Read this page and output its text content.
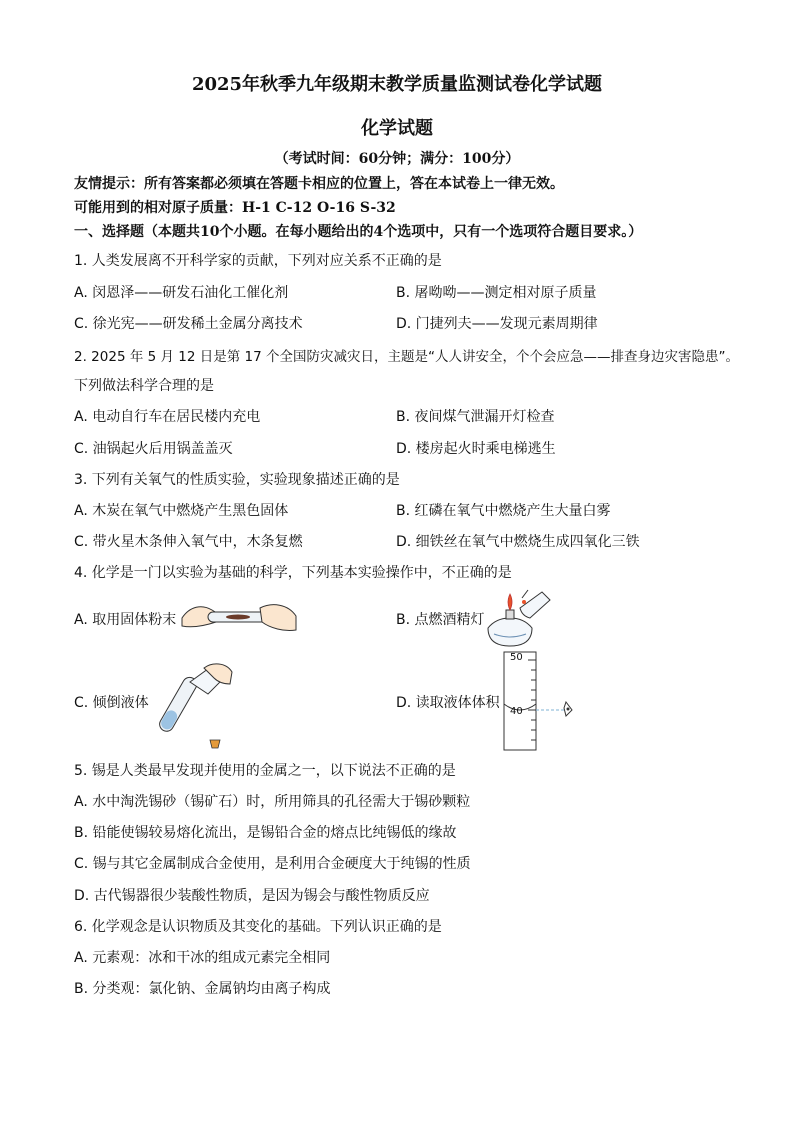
2025年秋季九年级期末教学质量监测试卷化学试题
化学试题
（考试时间：60分钟；满分：100分）
友情提示：所有答案都必须填在答题卡相应的位置上，答在本试卷上一律无效。
可能用到的相对原子质量：H-1 C-12 O-16 S-32
一、选择题（本题共10个小题。在每小题给出的4个选项中，只有一个选项符合题目要求。）
1. 人类发展离不开科学家的贡献，下列对应关系不正确的是
A. 闵恩泽——研发石油化工催化剂	B. 屠呦呦——测定相对原子质量
C. 徐光宪——研发稀土金属分离技术	D. 门捷列夫——发现元素周期律
2. 2025 年 5 月 12 日是第 17 个全国防灾减灾日，主题是“人人讲安全，个个会应急——排查身边灾害隐患”。
下列做法科学合理的是
A. 电动自行车在居民楼内充电	B. 夜间煤气泄漏开灯检查
C. 油锅起火后用锅盖盖灭	D. 楼房起火时乘电梯逃生
3. 下列有关氧气的性质实验，实验现象描述正确的是
A. 木炭在氧气中燃烧产生黑色固体	B. 红磷在氧气中燃烧产生大量白雾
C. 带火星木条伸入氧气中，木条复燃	D. 细铁丝在氧气中燃烧生成四氧化三铁
4. 化学是一门以实验为基础的科学，下列基本实验操作中，不正确的是
A. 取用固体粉末	B. 点燃酒精灯
C. 倾倒液体	D. 读取液体体积
50
40
5. 锡是人类最早发现并使用的金属之一，以下说法不正确的是
A. 水中淘洗锡砂（锡矿石）时，所用筛具的孔径需大于锡砂颗粒
B. 铅能使锡较易熔化流出，是锡铅合金的熔点比纯锡低的缘故
C. 锡与其它金属制成合金使用，是利用合金硬度大于纯锡的性质
D. 古代锡器很少装酸性物质，是因为锡会与酸性物质反应
6. 化学观念是认识物质及其变化的基础。下列认识正确的是
A. 元素观：冰和干冰的组成元素完全相同
B. 分类观：氯化钠、金属钠均由离子构成
